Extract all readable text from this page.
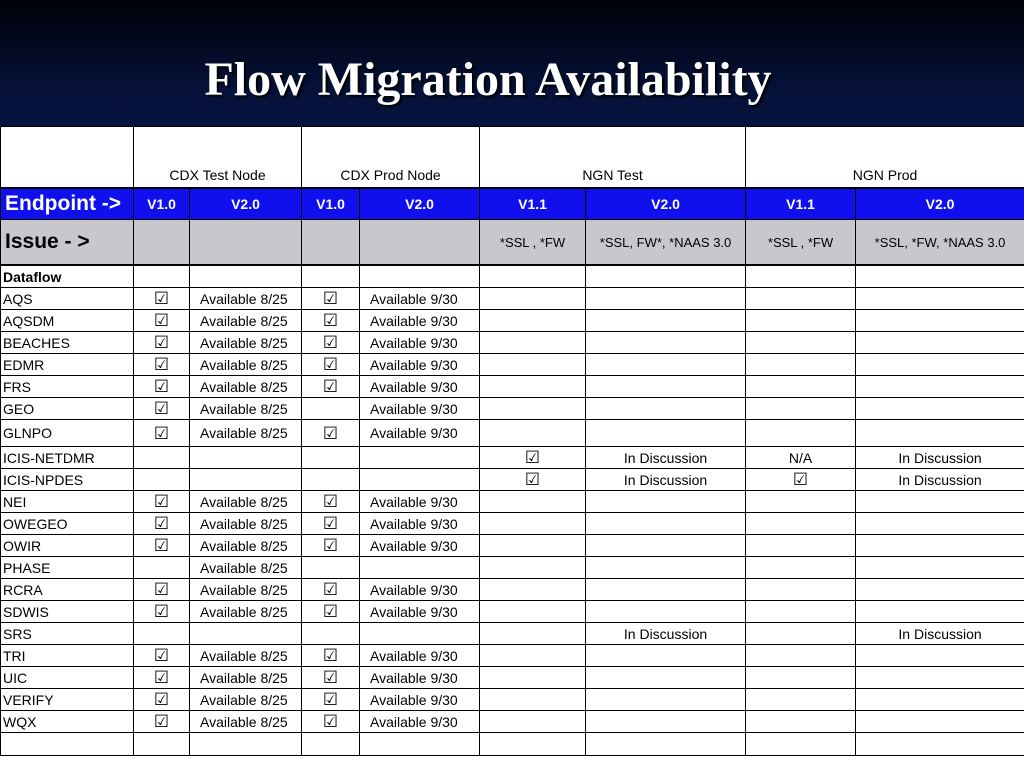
Flow Migration Availability
	CDX Test Node		CDX Prod Node		NGN Test		NGN Prod	
Endpoint ->	V1.0	V2.0	V1.0	V2.0	V1.1	V2.0	V1.1	V2.0
Issue - >					*SSL , *FW	*SSL, FW*, *NAAS 3.0	*SSL , *FW	*SSL, *FW, *NAAS 3.0
Dataflow								
AQS	☑	Available 8/25	☑	Available 9/30				
AQSDM	☑	Available 8/25	☑	Available 9/30				
BEACHES	☑	Available 8/25	☑	Available 9/30				
EDMR	☑	Available 8/25	☑	Available 9/30				
FRS	☑	Available 8/25	☑	Available 9/30				
GEO	☑	Available 8/25		Available 9/30				
GLNPO	☑	Available 8/25	☑	Available 9/30				
ICIS-NETDMR					☑	In Discussion	N/A	In Discussion
ICIS-NPDES					☑	In Discussion	☑	In Discussion
NEI	☑	Available 8/25	☑	Available 9/30				
OWEGEO	☑	Available 8/25	☑	Available 9/30				
OWIR	☑	Available 8/25	☑	Available 9/30				
PHASE		Available 8/25						
RCRA	☑	Available 8/25	☑	Available 9/30				
SDWIS	☑	Available 8/25	☑	Available 9/30				
SRS						In Discussion		In Discussion
TRI	☑	Available 8/25	☑	Available 9/30				
UIC	☑	Available 8/25	☑	Available 9/30				
VERIFY	☑	Available 8/25	☑	Available 9/30				
WQX	☑	Available 8/25	☑	Available 9/30				
